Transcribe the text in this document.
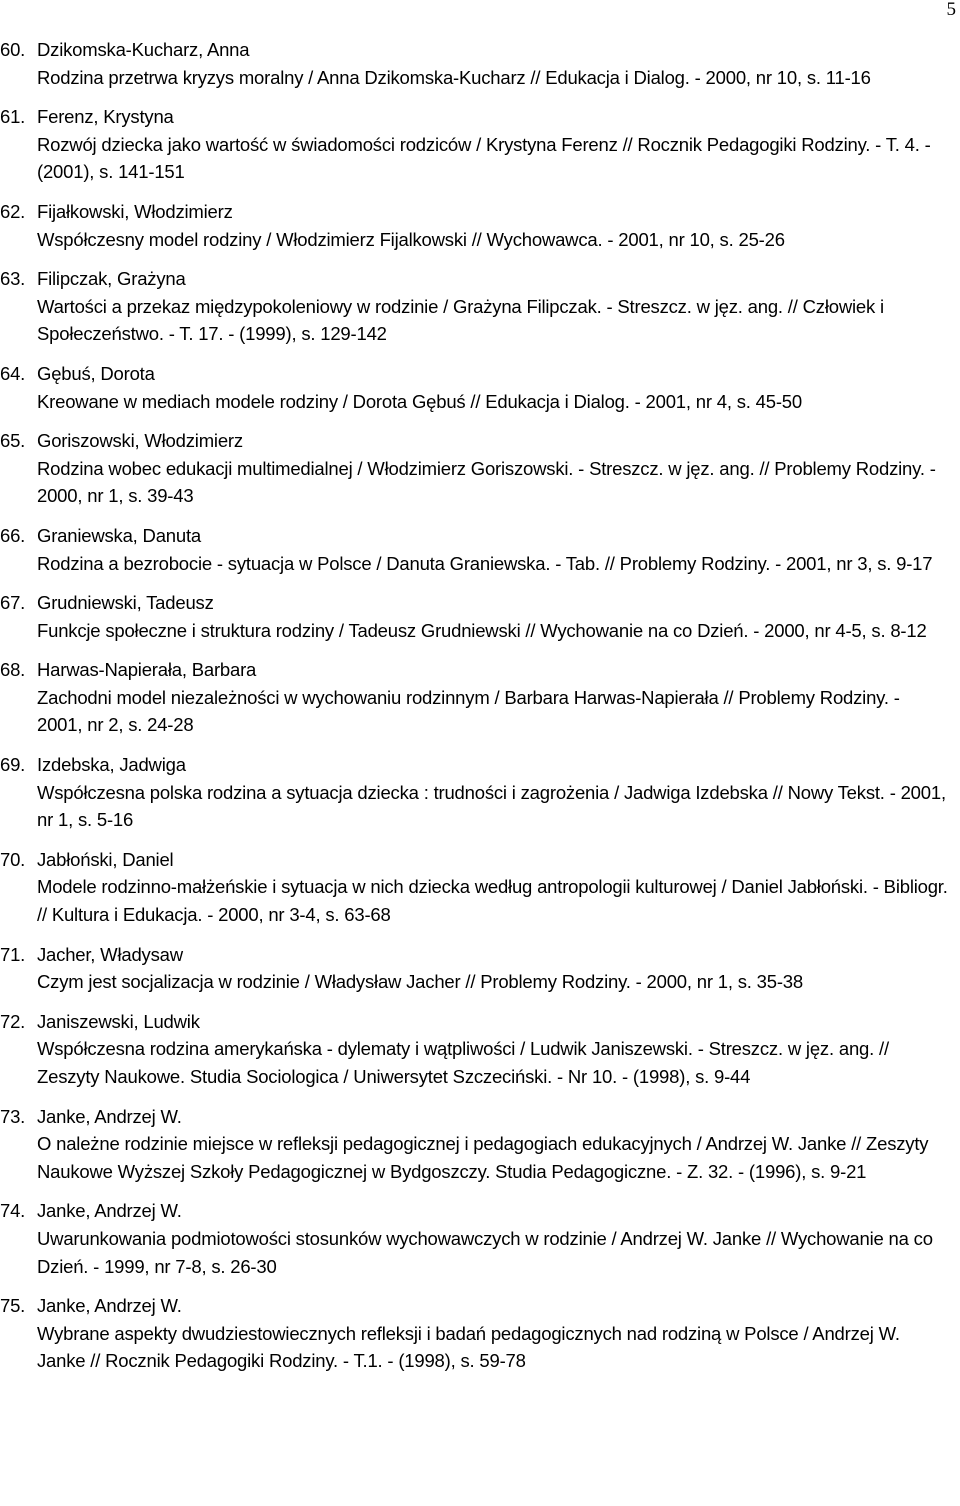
5
60. Dzikomska-Kucharz, Anna
Rodzina przetrwa kryzys moralny / Anna Dzikomska-Kucharz // Edukacja i Dialog. - 2000, nr 10, s. 11-16
61. Ferenz, Krystyna
Rozwój dziecka jako wartość w świadomości rodziców / Krystyna Ferenz // Rocznik Pedagogiki Rodziny. - T. 4. - (2001), s. 141-151
62. Fijałkowski, Włodzimierz
Współczesny model rodziny / Włodzimierz Fijalkowski // Wychowawca. - 2001, nr 10, s. 25-26
63. Filipczak, Grażyna
Wartości a przekaz międzypokoleniowy w rodzinie / Grażyna Filipczak. - Streszcz. w jęz. ang. // Człowiek i Społeczeństwo. - T. 17. - (1999), s. 129-142
64. Gębuś, Dorota
Kreowane w mediach modele rodziny / Dorota Gębuś // Edukacja i Dialog. - 2001, nr 4, s. 45-50
65. Goriszowski, Włodzimierz
Rodzina wobec edukacji multimedialnej / Włodzimierz Goriszowski. - Streszcz. w jęz. ang. // Problemy Rodziny. - 2000, nr 1, s. 39-43
66. Graniewska, Danuta
Rodzina a bezrobocie - sytuacja w Polsce / Danuta Graniewska. - Tab. // Problemy Rodziny. - 2001, nr 3, s. 9-17
67. Grudniewski, Tadeusz
Funkcje społeczne i struktura rodziny / Tadeusz Grudniewski // Wychowanie na co Dzień. - 2000, nr 4-5, s. 8-12
68. Harwas-Napierała, Barbara
Zachodni model niezależności w wychowaniu rodzinnym / Barbara Harwas-Napierała // Problemy Rodziny. - 2001, nr 2, s. 24-28
69. Izdebska, Jadwiga
Współczesna polska rodzina a sytuacja dziecka : trudności i zagrożenia / Jadwiga Izdebska // Nowy Tekst. - 2001, nr 1, s. 5-16
70. Jabłoński, Daniel
Modele rodzinno-małżeńskie i sytuacja w nich dziecka według antropologii kulturowej / Daniel Jabłoński. - Bibliogr. // Kultura i Edukacja. - 2000, nr 3-4, s. 63-68
71. Jacher, Władysaw
Czym jest socjalizacja w rodzinie / Władysław Jacher // Problemy Rodziny. - 2000, nr 1, s. 35-38
72. Janiszewski, Ludwik
Współczesna rodzina amerykańska - dylematy i wątpliwości / Ludwik Janiszewski. - Streszcz. w jęz. ang. // Zeszyty Naukowe. Studia Sociologica / Uniwersytet Szczeciński. - Nr 10. - (1998), s. 9-44
73. Janke, Andrzej W.
O należne rodzinie miejsce w refleksji pedagogicznej i pedagogiach edukacyjnych / Andrzej W. Janke // Zeszyty Naukowe Wyższej Szkoły Pedagogicznej w Bydgoszczy. Studia Pedagogiczne. - Z. 32. - (1996), s. 9-21
74. Janke, Andrzej W.
Uwarunkowania podmiotowości stosunków wychowawczych w rodzinie / Andrzej W. Janke // Wychowanie na co Dzień. - 1999, nr 7-8, s. 26-30
75. Janke, Andrzej W.
Wybrane aspekty dwudziestowiecznych refleksji i badań pedagogicznych nad rodziną w Polsce / Andrzej W. Janke // Rocznik Pedagogiki Rodziny. - T.1. - (1998), s. 59-78
